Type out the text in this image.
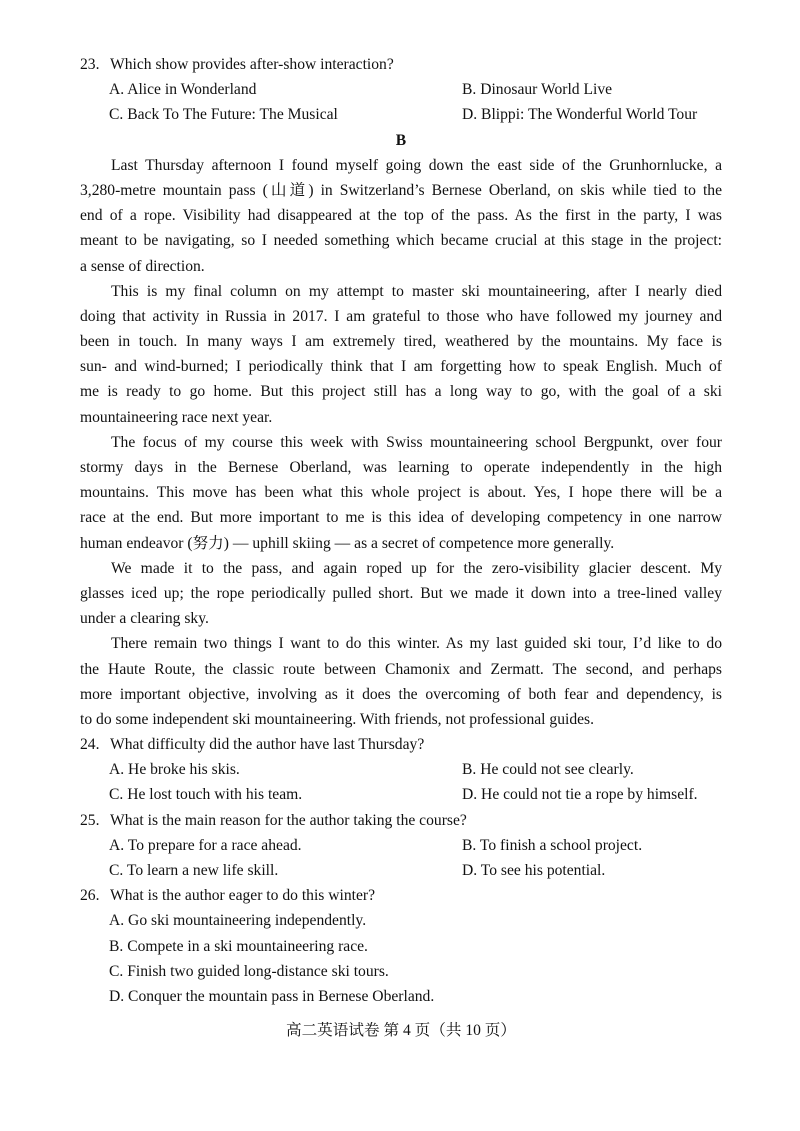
23. Which show provides after-show interaction?
A. Alice in Wonderland	B. Dinosaur World Live
C. Back To The Future: The Musical	D. Blippi: The Wonderful World Tour
B
Last Thursday afternoon I found myself going down the east side of the Grunhornlucke, a
3,280-metre mountain pass (山道) in Switzerland’s Bernese Oberland, on skis while tied to the
end of a rope. Visibility had disappeared at the top of the pass. As the first in the party, I was
meant to be navigating, so I needed something which became crucial at this stage in the project:
a sense of direction.
This is my final column on my attempt to master ski mountaineering, after I nearly died
doing that activity in Russia in 2017. I am grateful to those who have followed my journey and
been in touch. In many ways I am extremely tired, weathered by the mountains. My face is
sun- and wind-burned; I periodically think that I am forgetting how to speak English. Much of
me is ready to go home. But this project still has a long way to go, with the goal of a ski
mountaineering race next year.
The focus of my course this week with Swiss mountaineering school Bergpunkt, over four
stormy days in the Bernese Oberland, was learning to operate independently in the high
mountains. This move has been what this whole project is about. Yes, I hope there will be a
race at the end. But more important to me is this idea of developing competency in one narrow
human endeavor (努力) — uphill skiing — as a secret of competence more generally.
We made it to the pass, and again roped up for the zero-visibility glacier descent. My
glasses iced up; the rope periodically pulled short. But we made it down into a tree-lined valley
under a clearing sky.
There remain two things I want to do this winter. As my last guided ski tour, I’d like to do
the Haute Route, the classic route between Chamonix and Zermatt. The second, and perhaps
more important objective, involving as it does the overcoming of both fear and dependency, is
to do some independent ski mountaineering. With friends, not professional guides.
24. What difficulty did the author have last Thursday?
A. He broke his skis.	B. He could not see clearly.
C. He lost touch with his team.	D. He could not tie a rope by himself.
25. What is the main reason for the author taking the course?
A. To prepare for a race ahead.	B. To finish a school project.
C. To learn a new life skill.	D. To see his potential.
26. What is the author eager to do this winter?
A. Go ski mountaineering independently.
B. Compete in a ski mountaineering race.
C. Finish two guided long-distance ski tours.
D. Conquer the mountain pass in Bernese Oberland.
高二英语试卷 第 4 页（共 10 页）
